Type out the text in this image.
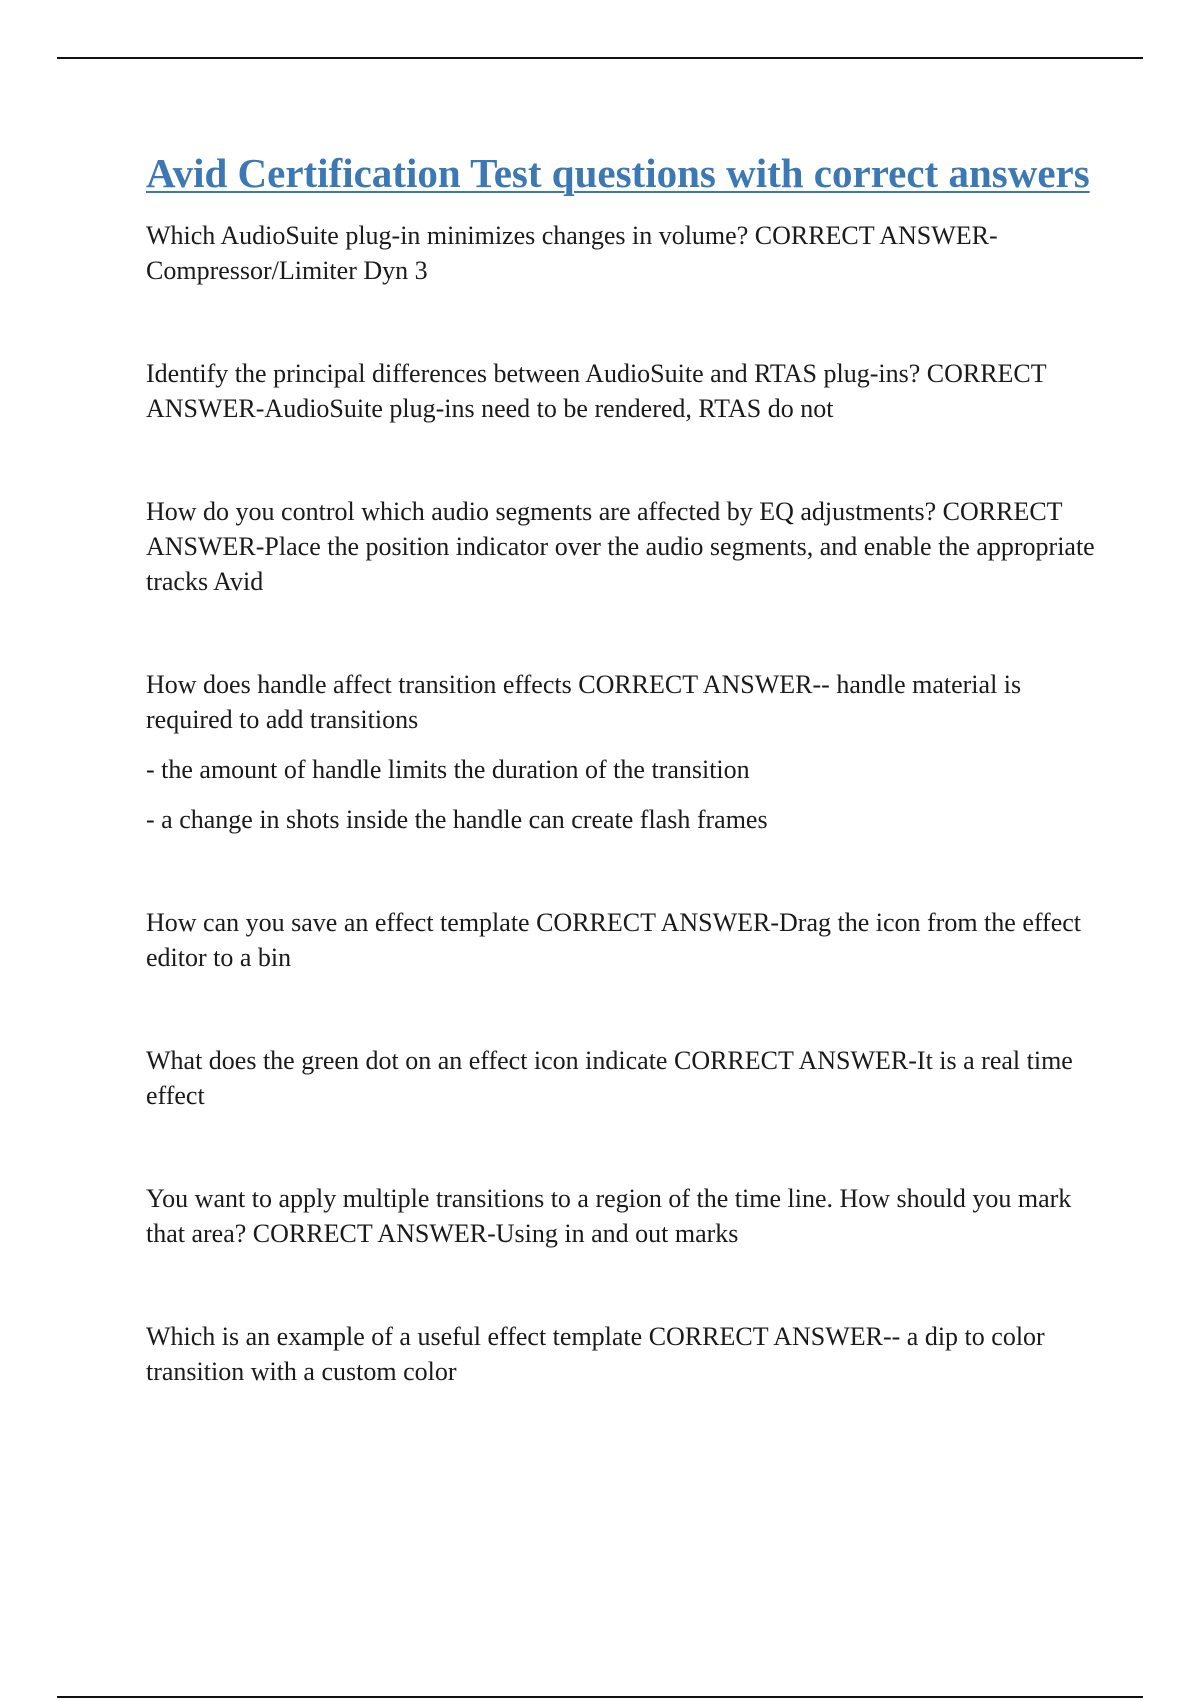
Avid Certification Test questions with correct answers

Which AudioSuite plug-in minimizes changes in volume? CORRECT ANSWER-Compressor/Limiter Dyn 3

Identify the principal differences between AudioSuite and RTAS plug-ins? CORRECT ANSWER-AudioSuite plug-ins need to be rendered, RTAS do not

How do you control which audio segments are affected by EQ adjustments? CORRECT ANSWER-Place the position indicator over the audio segments, and enable the appropriate tracks Avid

How does handle affect transition effects CORRECT ANSWER-- handle material is required to add transitions

- the amount of handle limits the duration of the transition

- a change in shots inside the handle can create flash frames

How can you save an effect template CORRECT ANSWER-Drag the icon from the effect editor to a bin

What does the green dot on an effect icon indicate CORRECT ANSWER-It is a real time effect

You want to apply multiple transitions to a region of the time line. How should you mark that area? CORRECT ANSWER-Using in and out marks

Which is an example of a useful effect template CORRECT ANSWER-- a dip to color transition with a custom color
